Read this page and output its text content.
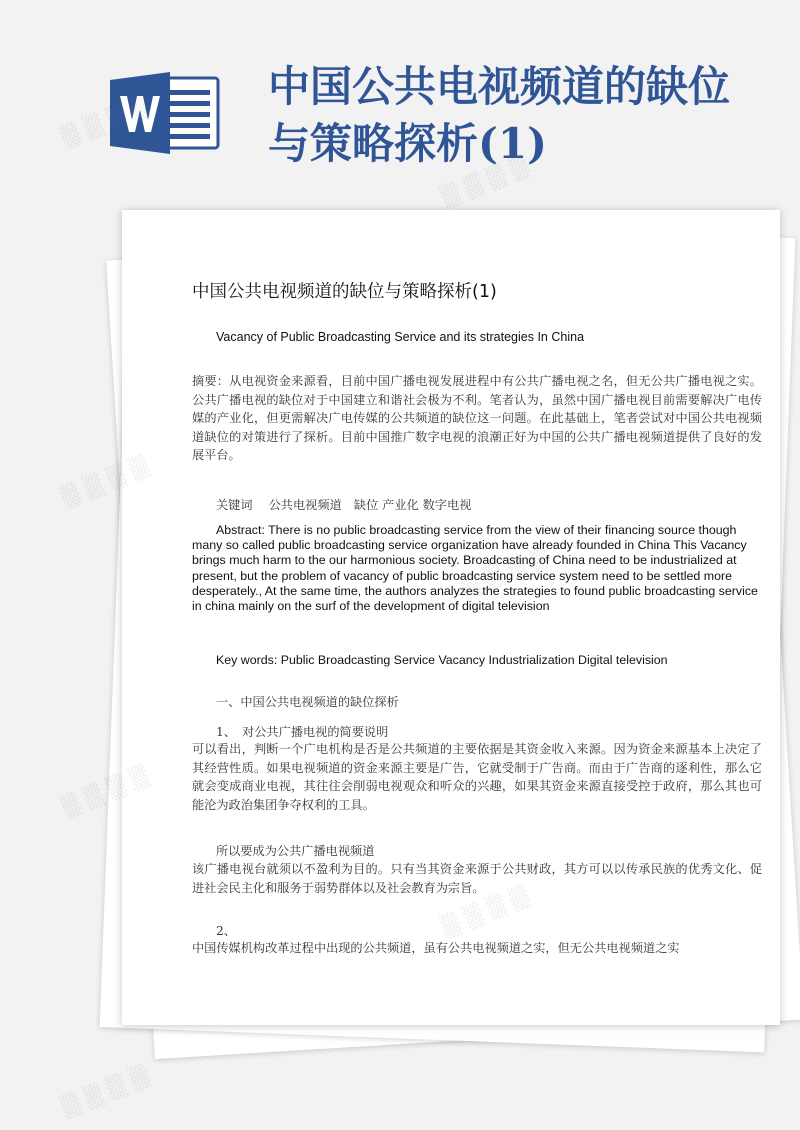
中国公共电视频道的缺位与策略探析(1)
中国公共电视频道的缺位与策略探析(1)
Vacancy of Public Broadcasting Service and its strategies In China

摘要：从电视资金来源看，目前中国广播电视发展进程中有公共广播电视之名，但无公共广播电视之实。公共广播电视的缺位对于中国建立和谐社会极为不利。笔者认为，虽然中国广播电视目前需要解决广电传媒的产业化，但更需解决广电传媒的公共频道的缺位这一问题。在此基础上，笔者尝试对中国公共电视频道缺位的对策进行了探析。目前中国推广数字电视的浪潮正好为中国的公共广播电视频道提供了良好的发展平台。

关键词　 公共电视频道　缺位 产业化 数字电视

Abstract: There is no public broadcasting service from the view of their financing source though many so called public broadcasting service organization have already founded in China This Vacancy brings much harm to the our harmonious society. Broadcasting of China need to be industrialized at present, but the problem of vacancy of public broadcasting service system need to be settled more desperately., At the same time, the authors analyzes the strategies to found public broadcasting service in china mainly on the surf of the development of digital television

Key words: Public Broadcasting Service Vacancy Industrialization Digital television

一、中国公共电视频道的缺位探析

1、　对公共广播电视的简要说明

可以看出，判断一个广电机构是否是公共频道的主要依据是其资金收入来源。因为资金来源基本上决定了其经营性质。如果电视频道的资金来源主要是广告，它就受制于广告商。而由于广告商的逐利性，那么它就会变成商业电视，其往往会削弱电视观众和听众的兴趣，如果其资金来源直接受控于政府，那么其也可能沦为政治集团争夺权利的工具。

所以要成为公共广播电视频道

该广播电视台就须以不盈利为目的。只有当其资金来源于公共财政，其方可以以传承民族的优秀文化、促进社会民主化和服务于弱势群体以及社会教育为宗旨。

2、

中国传媒机构改革过程中出现的公共频道，虽有公共电视频道之实，但无公共电视频道之实

▒ ▒ ▒ ▒
▒ ▒ ▒ ▒
▒ ▒ ▒ ▒
▒ ▒ ▒ ▒
▒ ▒ ▒ ▒
